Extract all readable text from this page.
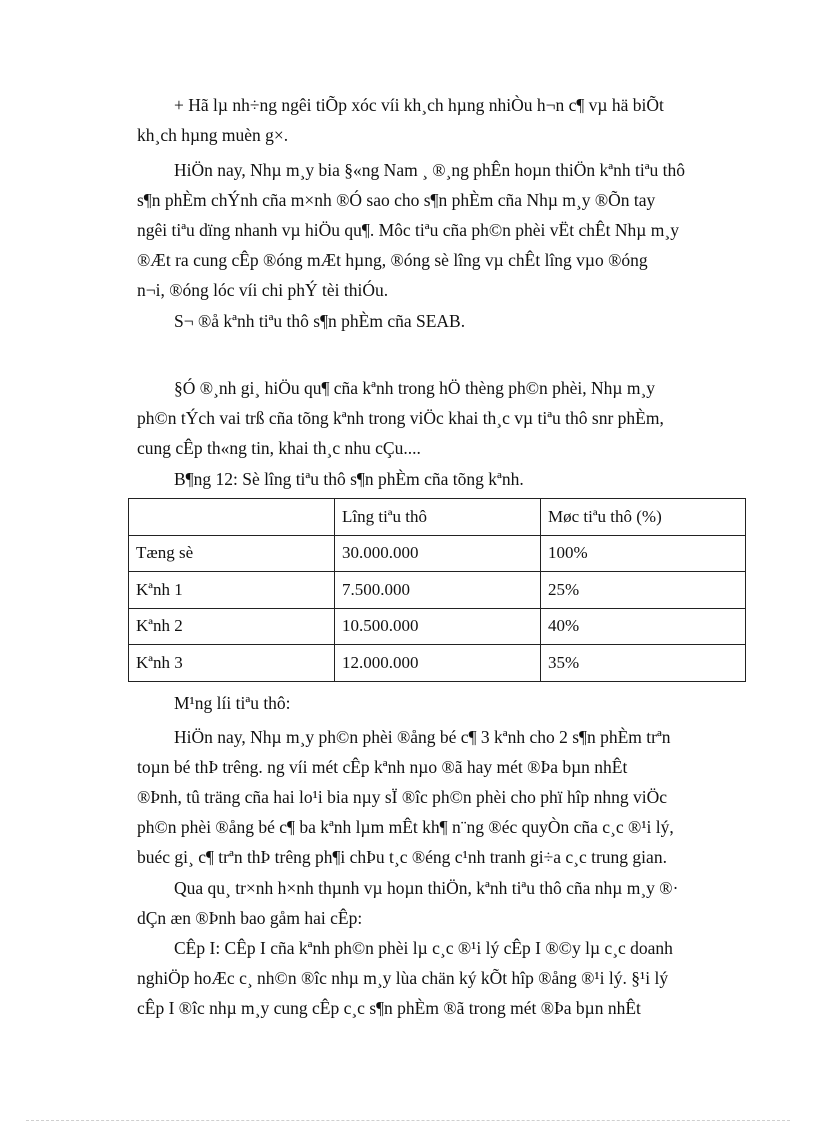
+ Hã lµ nh÷ng ngêi tiÕp xóc víi kh¸ch hµng nhiÒu h¬n c¶ vµ hä biÕt
kh¸ch hµng muèn g×.

HiÖn nay, Nhµ m¸y bia §«ng Nam ¸ ®¸ng phÊn hoµn thiÖn kªnh tiªu thô
s¶n phÈm chÝnh cña m×nh ®Ó sao cho s¶n phÈm cña Nhµ m¸y ®Õn tay
ngêi tiªu dïng nhanh vµ hiÖu qu¶. Môc tiªu cña ph©n phèi vËt chÊt Nhµ m¸y
®Æt ra cung cÊp ®óng mÆt hµng, ®óng sè lîng vµ chÊt lîng vµo ®óng
n¬i, ®óng lóc víi chi phÝ tèi thiÓu.

S¬ ®å kªnh tiªu thô s¶n phÈm cña SEAB.

§Ó ®¸nh gi¸ hiÖu qu¶ cña kªnh trong hÖ thèng ph©n phèi, Nhµ m¸y
ph©n tÝch vai trß cña tõng kªnh trong viÖc khai th¸c vµ tiªu thô snr phÈm,
cung cÊp th«ng tin, khai th¸c nhu cÇu....

B¶ng 12: Sè lîng tiªu thô s¶n phÈm cña tõng kªnh.

	Lîng tiªu thô	Møc tiªu thô (%)
Tæng sè	30.000.000	100%
Kªnh 1	7.500.000	25%
Kªnh 2	10.500.000	40%
Kªnh 3	12.000.000	35%

M¹ng líi tiªu thô:

HiÖn nay, Nhµ m¸y ph©n phèi ®ång bé c¶ 3 kªnh cho 2 s¶n phÈm trªn
toµn bé thÞ trêng. ng víi mét cÊp kªnh nµo ®ã hay mét ®Þa bµn nhÊt
®Þnh, tû träng cña hai lo¹i bia nµy sÏ ®îc ph©n phèi cho phï hîp nhng viÖc
ph©n phèi ®ång bé c¶ ba kªnh lµm mÊt kh¶ n¨ng ®éc quyÒn cña c¸c ®¹i lý,
buéc gi¸ c¶ trªn thÞ trêng ph¶i chÞu t¸c ®éng c¹nh tranh gi÷a c¸c trung gian.

Qua qu¸ tr×nh h×nh thµnh vµ hoµn thiÖn, kªnh tiªu thô cña nhµ m¸y ®·
dÇn æn ®Þnh bao gåm hai cÊp:

CÊp I: CÊp I cña kªnh ph©n phèi lµ c¸c ®¹i lý cÊp I ®©y lµ c¸c doanh
nghiÖp hoÆc c¸ nh©n ®îc nhµ m¸y lùa chän ký kÕt hîp ®ång ®¹i lý. §¹i lý
cÊp I ®îc nhµ m¸y cung cÊp c¸c s¶n phÈm ®ã trong mét ®Þa bµn nhÊt
